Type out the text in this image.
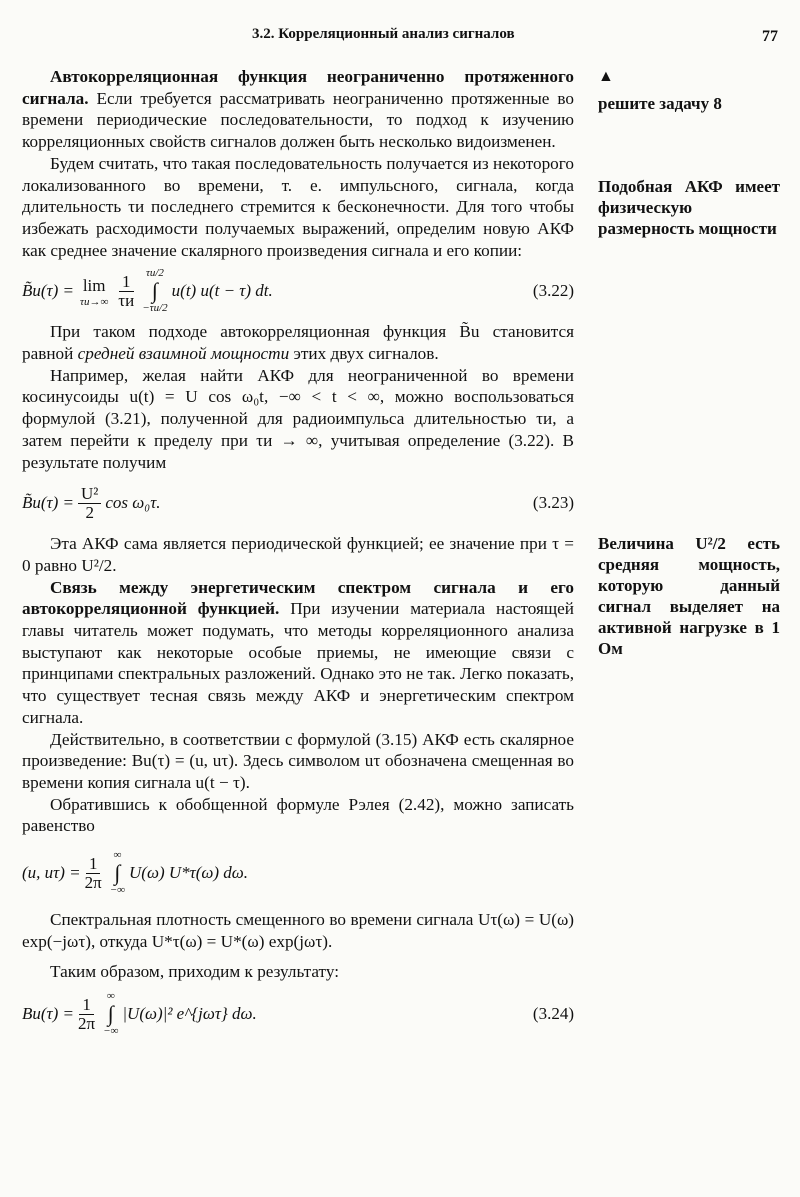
3.2. Корреляционный анализ сигналов	77
▲
решите задачу 8
Подобная АКФ имеет физическую размерность мощности
Величина U²/2 есть средняя мощность, которую данный сигнал выделяет на активной нагрузке в 1 Ом

Автокорреляционная функция неограниченно протяженного сигнала. Если требуется рассматривать неограниченно протяженные во времени периодические последовательности, то подход к изучению корреляционных свойств сигналов должен быть несколько видоизменен.

Будем считать, что такая последовательность получается из некоторого локализованного во времени, т. е. импульсного, сигнала, когда длительность τи последнего стремится к бесконечности. Для того чтобы избежать расходимости получаемых выражений, определим новую АКФ как среднее значение скалярного произведения сигнала и его копии:

B̃u(τ) = lim
$\tau и\to\infty \frac{1}{\tau и} \tau и/2$
∫
−τи/2
u(t) u(t − τ) dt.	(3.22)

При таком подходе автокорреляционная функция B̃u становится равной средней взаимной мощности этих двух сигналов.

Например, желая найти АКФ для неограниченной во времени косинусоиды u(t) = U cos ω₀t, −∞ < t < ∞, можно воспользоваться формулой (3.21), полученной для радиоимпульса длительностью τи, а затем перейти к пределу при τи → ∞, учитывая определение (3.22). В результате получим

B̃u(τ) = $\frac{\text{U²}}{2}$ cos ω₀τ.	(3.23)

Эта АКФ сама является периодической функцией; ее значение при τ = 0 равно U²/2.

Связь между энергетическим спектром сигнала и его автокорреляционной функцией. При изучении материала настоящей главы читатель может подумать, что методы корреляционного анализа выступают как некоторые особые приемы, не имеющие связи с принципами спектральных разложений. Однако это не так. Легко показать, что существует тесная связь между АКФ и энергетическим спектром сигнала.

Действительно, в соответствии с формулой (3.15) АКФ есть скалярное произведение: Bu(τ) = (u, uτ). Здесь символом uτ обозначена смещенная во времени копия сигнала u(t − τ).

Обратившись к обобщенной формуле Рэлея (2.42), можно записать равенство

(u, $u\tau) = \frac{1}{2\pi}$ ∞
∫
−∞
U(ω) U*τ(ω) dω.

Спектральная плотность смещенного во времени сигнала Uτ(ω) = U(ω) exp(−jωτ), откуда U*τ(ω) = U*(ω) exp(jωτ).

Таким образом, приходим к результату:

$Bu(\tau) = \frac{1}{2\pi}$ ∞
∫
−∞
|U(ω)|² e^{jωτ} dω.	(3.24)
